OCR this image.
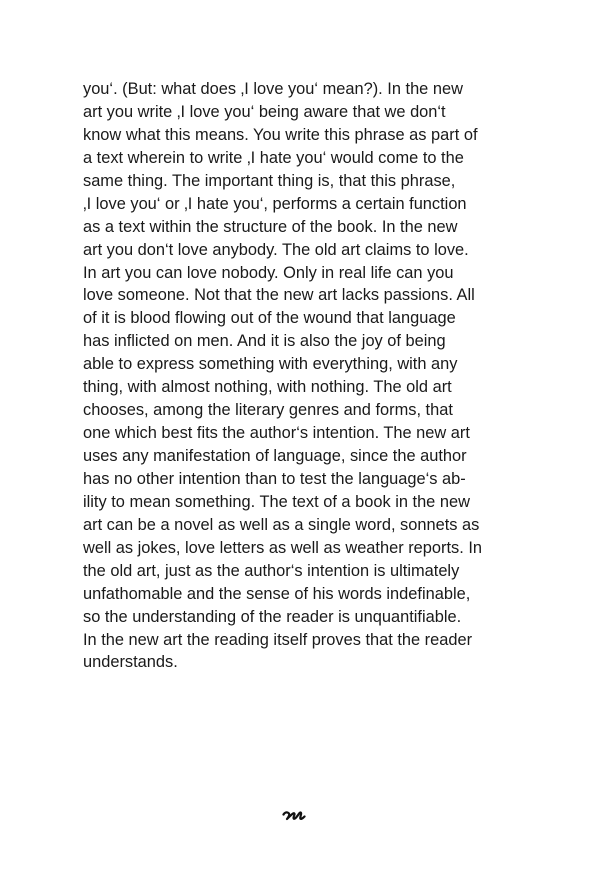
you‘. (But: what does ‚I love you‘ mean?). In the new
art you write ‚I love you‘ being aware that we don‘t
know what this means. You write this phrase as part of
a text wherein to write ‚I hate you‘ would come to the
same thing. The important thing is, that this phrase,
‚I love you‘ or ‚I hate you‘, performs a certain function
as a text within the structure of the book. In the new
art you don‘t love anybody. The old art claims to love.
In art you can love nobody. Only in real life can you
love someone. Not that the new art lacks passions. All
of it is blood flowing out of the wound that language
has inflicted on men. And it is also the joy of being
able to express something with everything, with any
thing, with almost nothing, with nothing. The old art
chooses, among the literary genres and forms, that
one which best fits the author‘s intention. The new art
uses any manifestation of language, since the author
has no other intention than to test the language‘s ab-
ility to mean something. The text of a book in the new
art can be a novel as well as a single word, sonnets as
well as jokes, love letters as well as weather reports. In
the old art, just as the author‘s intention is ultimately
unfathomable and the sense of his words indefinable,
so the understanding of the reader is unquantifiable.
In the new art the reading itself proves that the reader
understands.
